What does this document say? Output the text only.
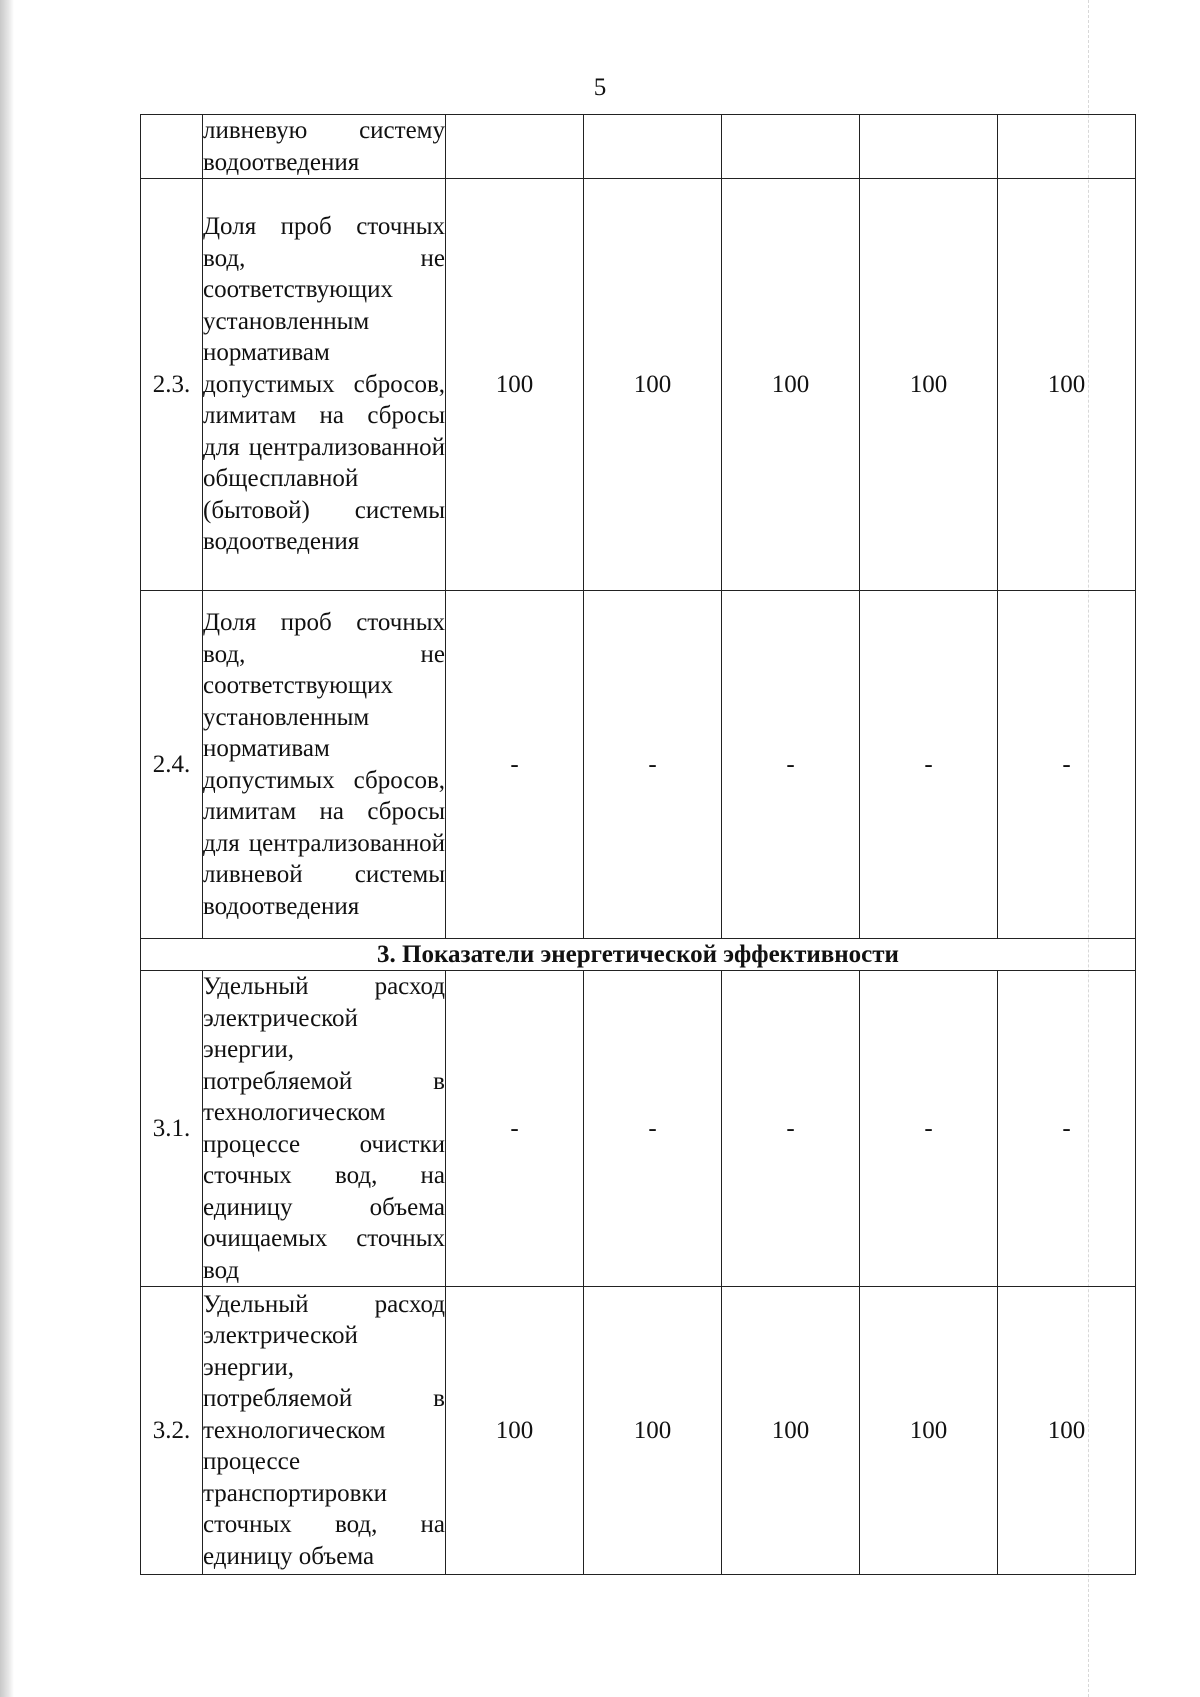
5
	ливневую систему водоотведения					
2.3.	Доля проб сточных вод, не соответствующих установленным нормативам допустимых сбросов, лимитам на сбросы для централизованной общесплавной (бытовой) системы водоотведения	100	100	100	100	100
2.4.	Доля проб сточных вод, не соответствующих установленным нормативам допустимых сбросов, лимитам на сбросы для централизованной ливневой системы водоотведения	-	-	-	-	-
3. Показатели энергетической эффективности						
3.1.	Удельный расход электрической энергии, потребляемой в технологическом процессе очистки сточных вод, на единицу объема очищаемых сточных вод	-	-	-	-	-
3.2.	Удельный расход электрической энергии, потребляемой в технологическом процессе транспортировки сточных вод, на единицу объема	100	100	100	100	100
